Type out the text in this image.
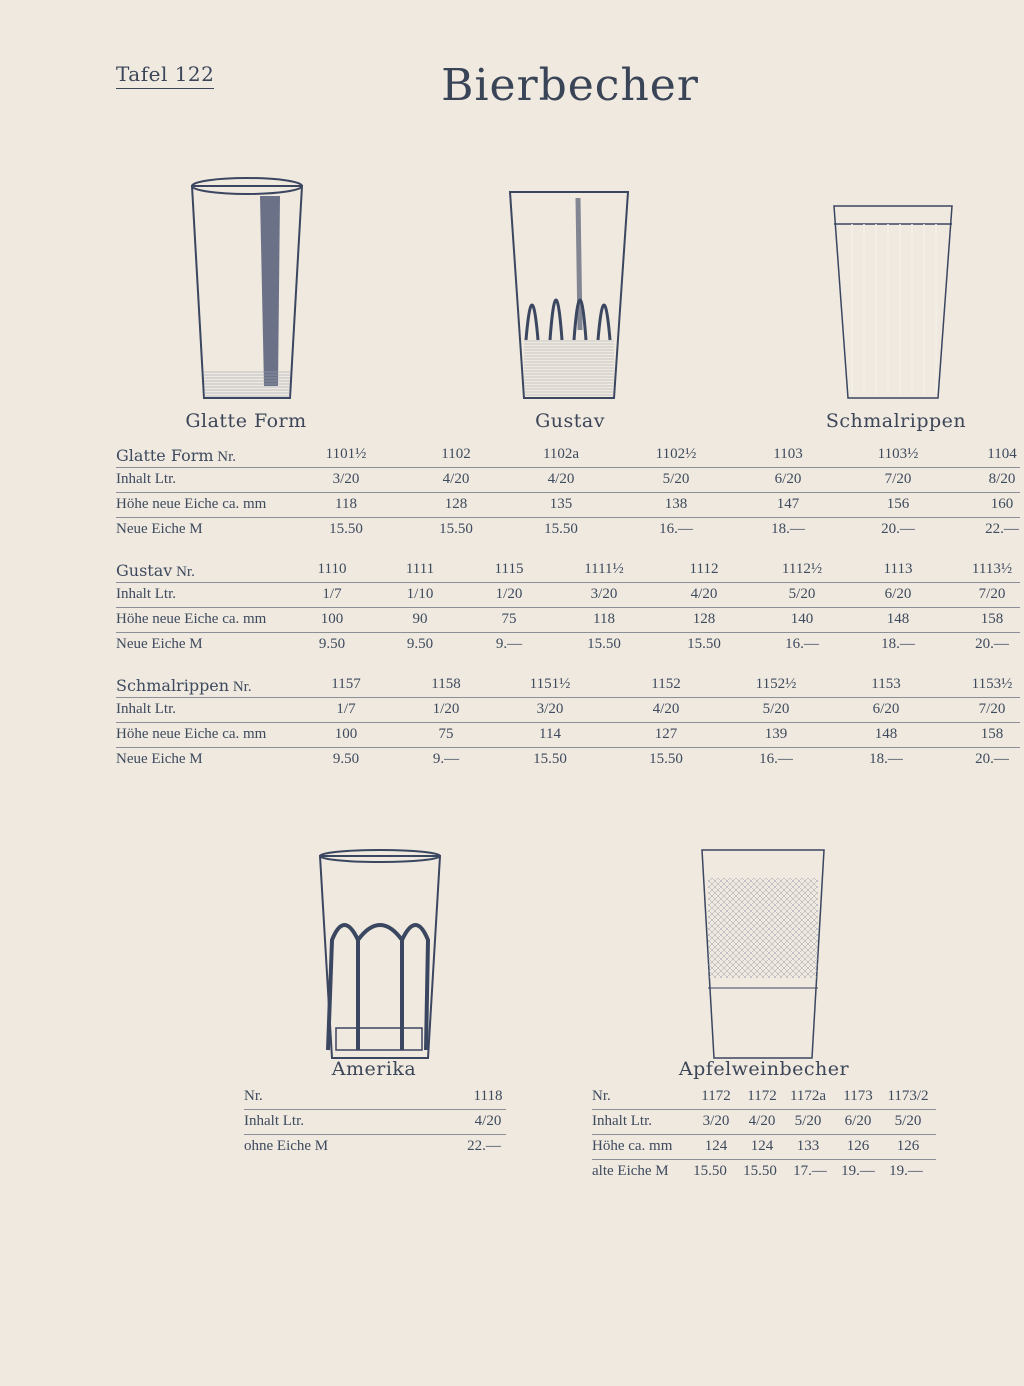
Tafel 122	Bierbecher
Glatte Form	Gustav	Schmalrippen
Amerika	Apfelweinbecher
Glatte Form Nr.	1101½	1102	1102a	1102½	1103	1103½	1104
Inhalt Ltr.	3/20	4/20	4/20	5/20	6/20	7/20	8/20
Höhe neue Eiche ca. mm	118	128	135	138	147	156	160
Neue Eiche M	15.50	15.50	15.50	16.—	18.—	20.—	22.—
Gustav Nr.	1110	1111	1115	1111½	1112	1112½	1113	1113½
Inhalt Ltr.	1/7	1/10	1/20	3/20	4/20	5/20	6/20	7/20
Höhe neue Eiche ca. mm	100	90	75	118	128	140	148	158
Neue Eiche M	9.50	9.50	9.—	15.50	15.50	16.—	18.—	20.—
Schmalrippen Nr.	1157	1158	1151½	1152	1152½	1153	1153½
Inhalt Ltr.	1/7	1/20	3/20	4/20	5/20	6/20	7/20
Höhe neue Eiche ca. mm	100	75	114	127	139	148	158
Neue Eiche M	9.50	9.—	15.50	15.50	16.—	18.—	20.—
Nr.	1118
Inhalt Ltr.	4/20
ohne Eiche M	22.—
Nr.	1172 1172 1172a 1173 1173/2
Inhalt Ltr.	3/20 4/20 5/20 6/20 5/20
Höhe ca. mm 124 124 133 126 126
alte Eiche M 15.50 15.50 17.— 19.— 19.—
